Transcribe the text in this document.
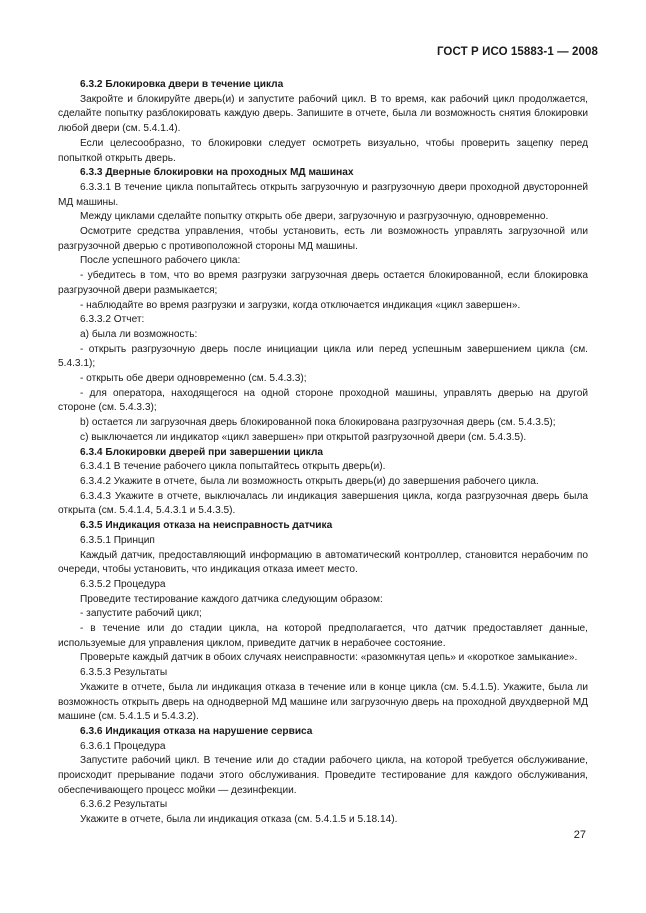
ГОСТ Р ИСО 15883-1 — 2008

6.3.2 Блокировка двери в течение цикла

Закройте и блокируйте дверь(и) и запустите рабочий цикл. В то время, как рабочий цикл продолжается, сделайте попытку разблокировать каждую дверь. Запишите в отчете, была ли возможность снятия блокировки любой двери (см. 5.4.1.4).

Если целесообразно, то блокировки следует осмотреть визуально, чтобы проверить зацепку перед попыткой открыть дверь.

6.3.3 Дверные блокировки на проходных МД машинах

6.3.3.1 В течение цикла попытайтесь открыть загрузочную и разгрузочную двери проходной двусторонней МД машины.

Между циклами сделайте попытку открыть обе двери, загрузочную и разгрузочную, одновременно.

Осмотрите средства управления, чтобы установить, есть ли возможность управлять загрузочной или разгрузочной дверью с противоположной стороны МД машины.

После успешного рабочего цикла:

- убедитесь в том, что во время разгрузки загрузочная дверь остается блокированной, если блокировка разгрузочной двери размыкается;

- наблюдайте во время разгрузки и загрузки, когда отключается индикация «цикл завершен».

6.3.3.2 Отчет:

а) была ли возможность:

- открыть разгрузочную дверь после инициации цикла или перед успешным завершением цикла (см. 5.4.3.1);

- открыть обе двери одновременно (см. 5.4.3.3);

- для оператора, находящегося на одной стороне проходной машины, управлять дверью на другой стороне (см. 5.4.3.3);

b) остается ли загрузочная дверь блокированной пока блокирована разгрузочная дверь (см. 5.4.3.5);

с) выключается ли индикатор «цикл завершен» при открытой разгрузочной двери (см. 5.4.3.5).

6.3.4 Блокировки дверей при завершении цикла

6.3.4.1 В течение рабочего цикла попытайтесь открыть дверь(и).

6.3.4.2 Укажите в отчете, была ли возможность открыть дверь(и) до завершения рабочего цикла.

6.3.4.3 Укажите в отчете, выключалась ли индикация завершения цикла, когда разгрузочная дверь была открыта (см. 5.4.1.4, 5.4.3.1 и 5.4.3.5).

6.3.5 Индикация отказа на неисправность датчика

6.3.5.1 Принцип

Каждый датчик, предоставляющий информацию в автоматический контроллер, становится нерабочим по очереди, чтобы установить, что индикация отказа имеет место.

6.3.5.2 Процедура

Проведите тестирование каждого датчика следующим образом:

- запустите рабочий цикл;

- в течение или до стадии цикла, на которой предполагается, что датчик предоставляет данные, используемые для управления циклом, приведите датчик в нерабочее состояние.

Проверьте каждый датчик в обоих случаях неисправности: «разомкнутая цепь» и «короткое замыкание».

6.3.5.3 Результаты

Укажите в отчете, была ли индикация отказа в течение или в конце цикла (см. 5.4.1.5). Укажите, была ли возможность открыть дверь на однодверной МД машине или загрузочную дверь на проходной двухдверной МД машине (см. 5.4.1.5 и 5.4.3.2).

6.3.6 Индикация отказа на нарушение сервиса

6.3.6.1 Процедура

Запустите рабочий цикл. В течение или до стадии рабочего цикла, на которой требуется обслуживание, происходит прерывание подачи этого обслуживания. Проведите тестирование для каждого обслуживания, обеспечивающего процесс мойки — дезинфекции.

6.3.6.2 Результаты

Укажите в отчете, была ли индикация отказа (см. 5.4.1.5 и 5.18.14).

27
